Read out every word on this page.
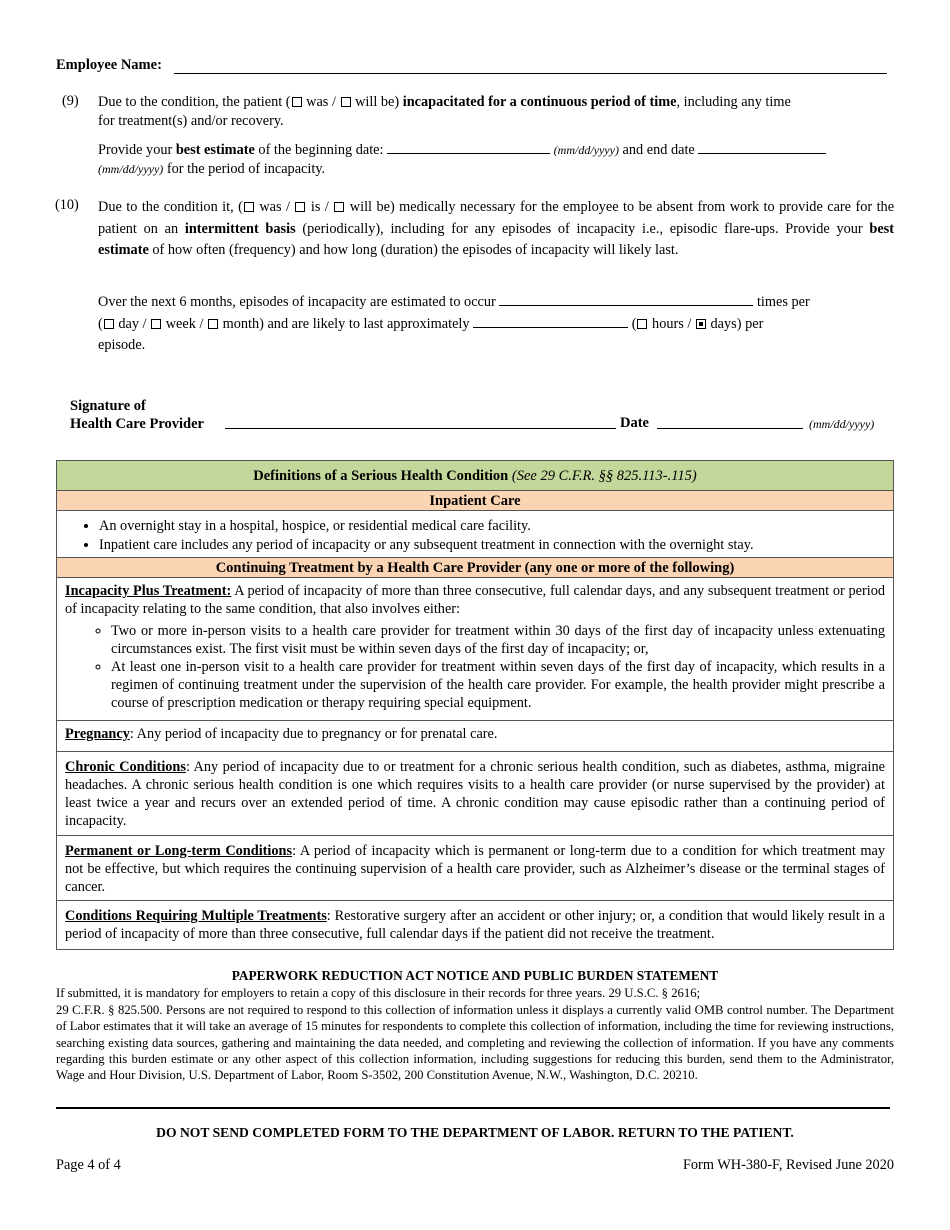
Employee Name:
(9) Due to the condition, the patient ( was / will be) incapacitated for a continuous period of time, including any time
for treatment(s) and/or recovery.
Provide your best estimate of the beginning date:	(mm/dd/yyyy) and end date
(mm/dd/yyyy) for the period of incapacity.
(10) Due to the condition it, ( was / is / will be) medically necessary for the employee to be absent from work to provide care for the patient on an intermittent basis (periodically), including for any episodes of incapacity i.e., episodic flare-ups. Provide your best estimate of how often (frequency) and how long (duration) the episodes of incapacity will likely last.
Over the next 6 months, episodes of incapacity are estimated to occur	times per
( day / week / month) and are likely to last approximately	( hours / days) per
episode.
Signature of
Health Care Provider	Date	(mm/dd/yyyy)
Definitions of a Serious Health Condition (See 29 C.F.R. §§ 825.113-.115)
Inpatient Care
• An overnight stay in a hospital, hospice, or residential medical care facility.
• Inpatient care includes any period of incapacity or any subsequent treatment in connection with the overnight stay.
Continuing Treatment by a Health Care Provider (any one or more of the following)
Incapacity Plus Treatment: A period of incapacity of more than three consecutive, full calendar days, and any subsequent treatment or period of incapacity relating to the same condition, that also involves either:
◦ Two or more in-person visits to a health care provider for treatment within 30 days of the first day of incapacity unless extenuating circumstances exist. The first visit must be within seven days of the first day of incapacity; or,
◦ At least one in-person visit to a health care provider for treatment within seven days of the first day of incapacity, which results in a regimen of continuing treatment under the supervision of the health care provider. For example, the health provider might prescribe a course of prescription medication or therapy requiring special equipment.
Pregnancy: Any period of incapacity due to pregnancy or for prenatal care.
Chronic Conditions: Any period of incapacity due to or treatment for a chronic serious health condition, such as diabetes, asthma, migraine headaches. A chronic serious health condition is one which requires visits to a health care provider (or nurse supervised by the provider) at least twice a year and recurs over an extended period of time. A chronic condition may cause episodic rather than a continuing period of incapacity.
Permanent or Long-term Conditions: A period of incapacity which is permanent or long-term due to a condition for which treatment may not be effective, but which requires the continuing supervision of a health care provider, such as Alzheimer’s disease or the terminal stages of cancer.
Conditions Requiring Multiple Treatments: Restorative surgery after an accident or other injury; or, a condition that would likely result in a period of incapacity of more than three consecutive, full calendar days if the patient did not receive the treatment.
PAPERWORK REDUCTION ACT NOTICE AND PUBLIC BURDEN STATEMENT
If submitted, it is mandatory for employers to retain a copy of this disclosure in their records for three years. 29 U.S.C. § 2616;
29 C.F.R. § 825.500. Persons are not required to respond to this collection of information unless it displays a currently valid OMB control number. The Department of Labor estimates that it will take an average of 15 minutes for respondents to complete this collection of information, including the time for reviewing instructions, searching existing data sources, gathering and maintaining the data needed, and completing and reviewing the collection of information. If you have any comments regarding this burden estimate or any other aspect of this collection information, including suggestions for reducing this burden, send them to the Administrator, Wage and Hour Division, U.S. Department of Labor, Room S-3502, 200 Constitution Avenue, N.W., Washington, D.C. 20210.
DO NOT SEND COMPLETED FORM TO THE DEPARTMENT OF LABOR. RETURN TO THE PATIENT.
Page 4 of 4	Form WH-380-F, Revised June 2020
